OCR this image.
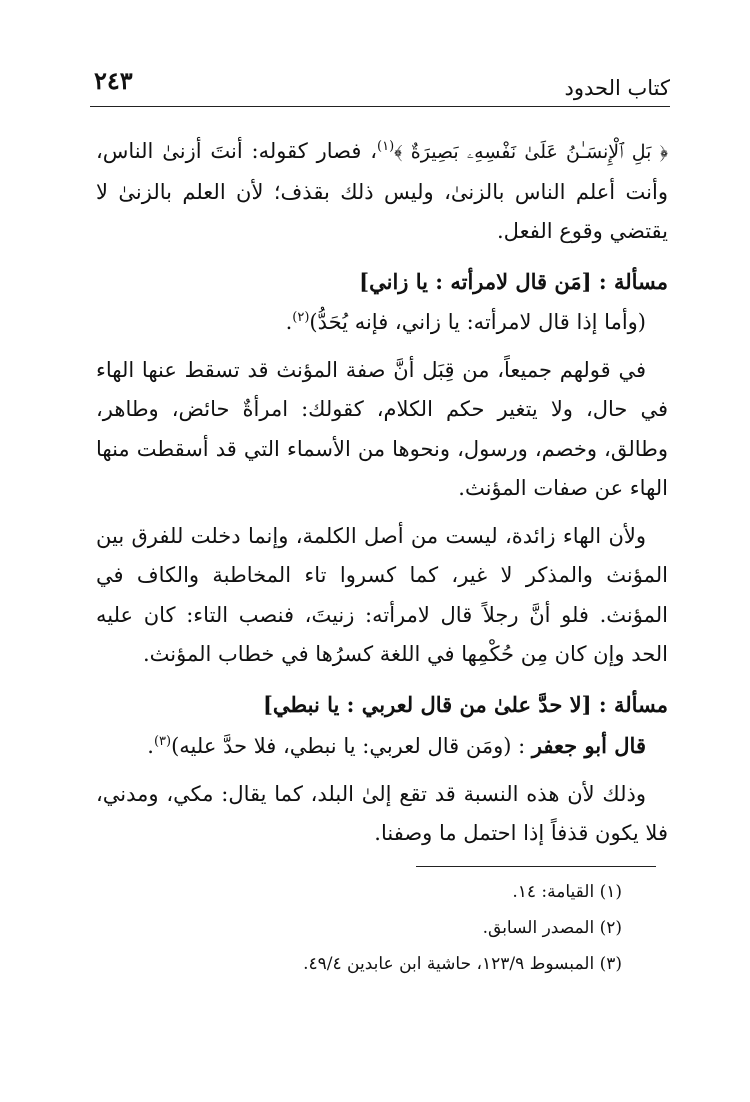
كتاب الحدود
٢٤٣

﴿ بَلِ ٱلْإِنسَـٰنُ عَلَىٰ نَفْسِهِۦ بَصِيرَةٌ ﴾$^{(١)}$، فصار كقوله: أنتَ أزنىٰ الناس، وأنت أعلم الناس بالزنىٰ، وليس ذلك بقذف؛ لأن العلم بالزنىٰ لا يقتضي وقوع الفعل.

مسألة : [مَن قال لامرأته : يا زاني]

(وأما إذا قال لامرأته: يا زاني، فإنه يُحَدُّ)$^{(٢)}$.

في قولهم جميعاً، من قِبَل أنَّ صفة المؤنث قد تسقط عنها الهاء في حال، ولا يتغير حكم الكلام، كقولك: امرأةٌ حائض، وطاهر، وطالق، وخصم، ورسول، ونحوها من الأسماء التي قد أسقطت منها الهاء عن صفات المؤنث.

ولأن الهاء زائدة، ليست من أصل الكلمة، وإنما دخلت للفرق بين المؤنث والمذكر لا غير، كما كسروا تاء المخاطبة والكاف في المؤنث. فلو أنَّ رجلاً قال لامرأته: زنيتَ، فنصب التاء: كان عليه الحد وإن كان مِن حُكْمِها في اللغة كسرُها في خطاب المؤنث.

مسألة : [لا حدَّ علىٰ من قال لعربي : يا نبطي]

قال أبو جعفر : (ومَن قال لعربي: يا نبطي، فلا حدَّ عليه)$^{(٣)}$.

وذلك لأن هذه النسبة قد تقع إلىٰ البلد، كما يقال: مكي، ومدني، فلا يكون قذفاً إذا احتمل ما وصفنا.

(١) القيامة: ١٤.
(٢) المصدر السابق.
(٣) المبسوط ١٢٣/٩، حاشية ابن عابدين ٤٩/٤.
